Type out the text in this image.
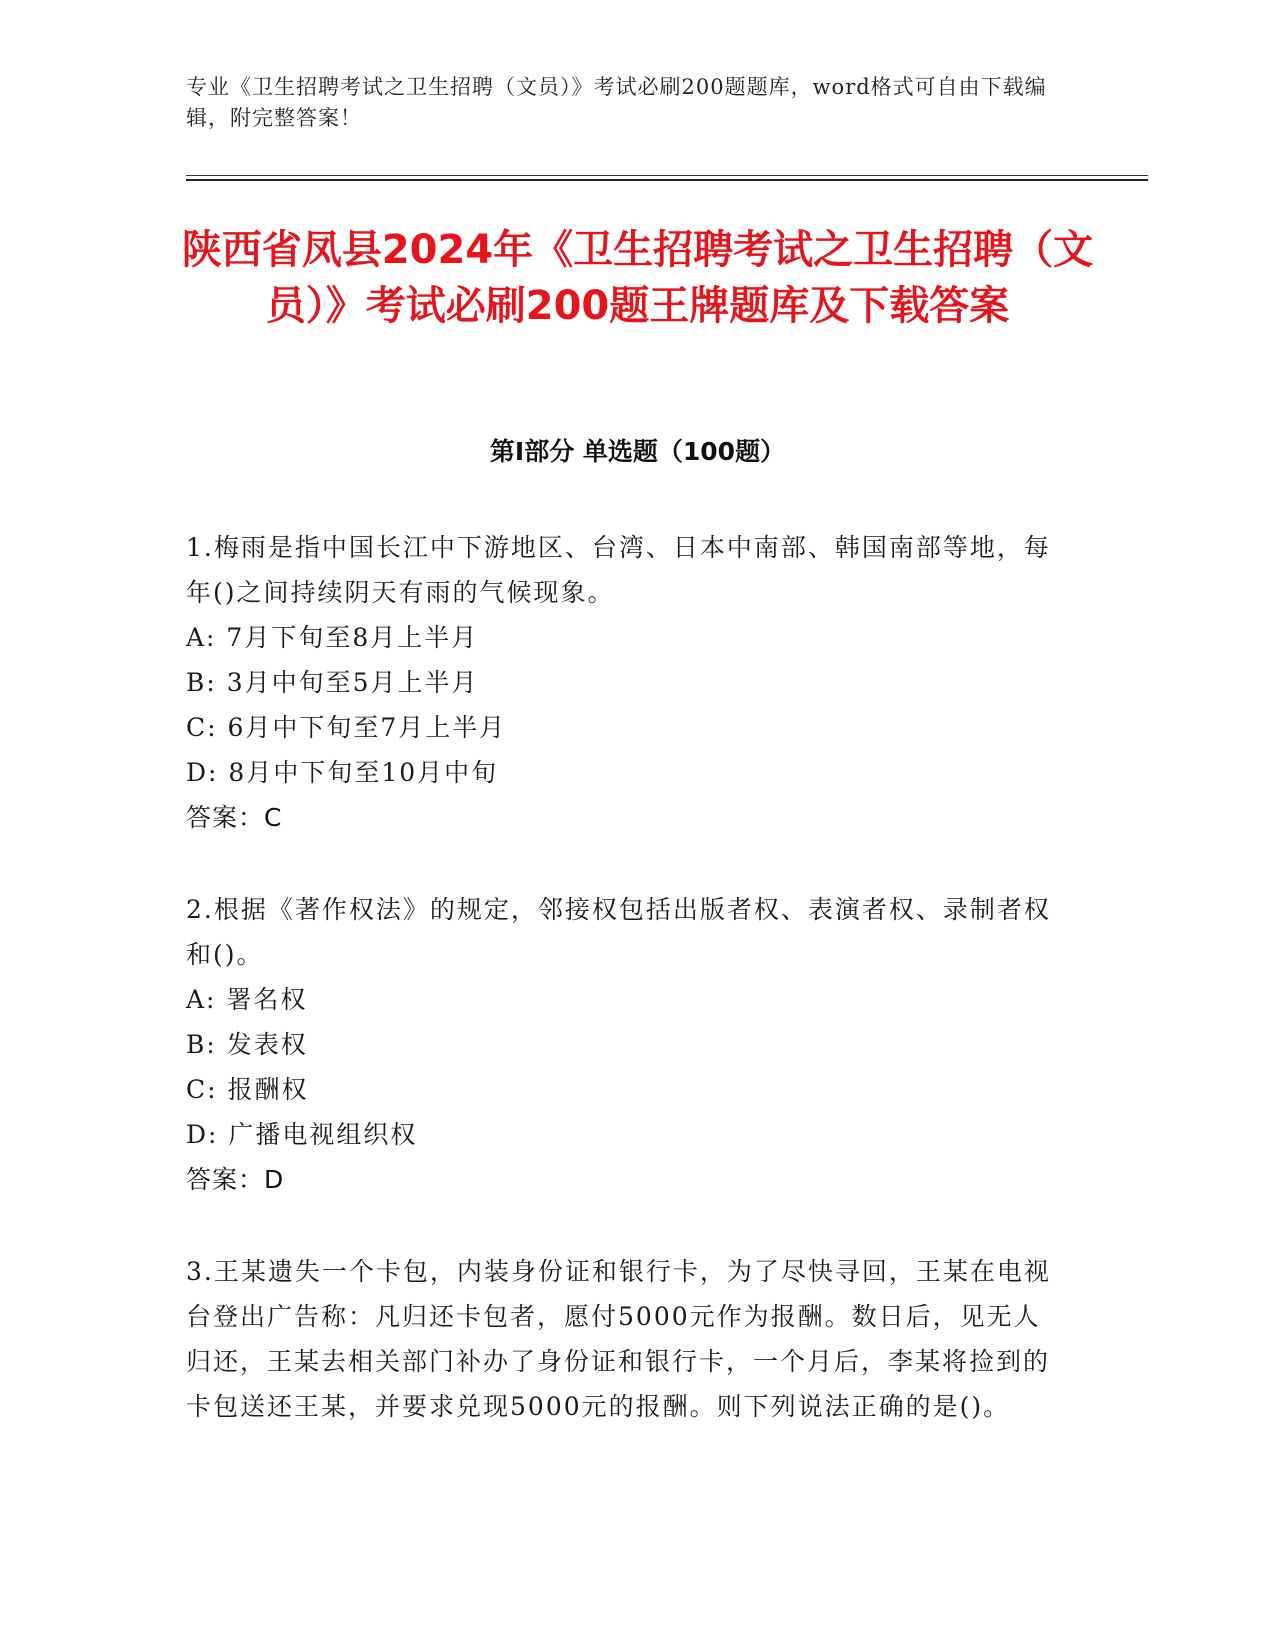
专业《卫生招聘考试之卫生招聘（文员）》考试必刷200题题库，word格式可自由下载编辑，附完整答案！

陕西省凤县2024年《卫生招聘考试之卫生招聘（文员）》考试必刷200题王牌题库及下载答案
第I部分 单选题（100题）

1.梅雨是指中国长江中下游地区、台湾、日本中南部、韩国南部等地，每年()之间持续阴天有雨的气候现象。

A: 7月下旬至8月上半月

B: 3月中旬至5月上半月

C: 6月中下旬至7月上半月

D: 8月中下旬至10月中旬

答案：C

2.根据《著作权法》的规定，邻接权包括出版者权、表演者权、录制者权和()。

A: 署名权

B: 发表权

C: 报酬权

D: 广播电视组织权

答案：D

3.王某遗失一个卡包，内装身份证和银行卡，为了尽快寻回，王某在电视台登出广告称：凡归还卡包者，愿付5000元作为报酬。数日后，见无人归还，王某去相关部门补办了身份证和银行卡，一个月后，李某将捡到的卡包送还王某，并要求兑现5000元的报酬。则下列说法正确的是()。
